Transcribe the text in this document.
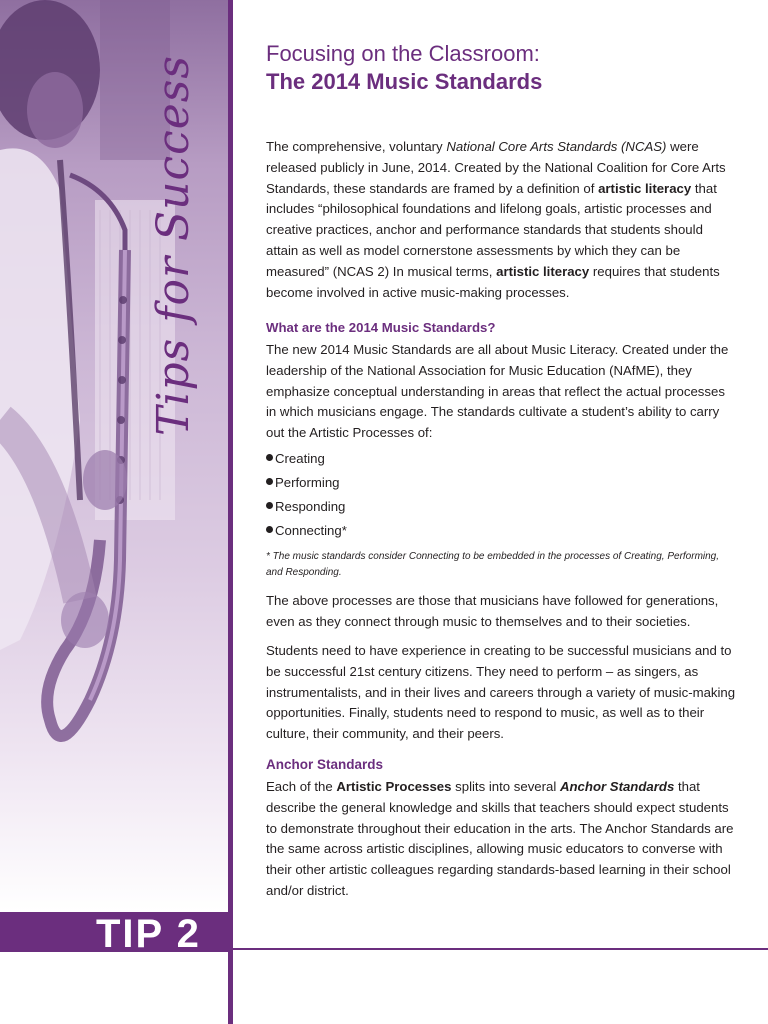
Tips for Success
Focusing on the Classroom:
The 2014 Music Standards

The comprehensive, voluntary National Core Arts Standards (NCAS) were released publicly in June, 2014. Created by the National Coalition for Core Arts Standards, these standards are framed by a definition of artistic literacy that includes “philosophical foundations and lifelong goals, artistic processes and creative practices, anchor and performance standards that students should attain as well as model cornerstone assessments by which they can be measured” (NCAS 2) In musical terms, artistic literacy requires that students become involved in active music-making processes.

What are the 2014 Music Standards?

The new 2014 Music Standards are all about Music Literacy. Created under the leadership of the National Association for Music Education (NAfME), they emphasize conceptual understanding in areas that reflect the actual processes in which musicians engage. The standards cultivate a student’s ability to carry out the Artistic Processes of:

Creating
Performing
Responding
Connecting*

* The music standards consider Connecting to be embedded in the processes of Creating, Performing, and Responding.

The above processes are those that musicians have followed for generations, even as they connect through music to themselves and to their societies.

Students need to have experience in creating to be successful musicians and to be successful 21st century citizens. They need to perform – as singers, as instrumentalists, and in their lives and careers through a variety of music-making opportunities. Finally, students need to respond to music, as well as to their culture, their community, and their peers.

Anchor Standards

Each of the Artistic Processes splits into several Anchor Standards that describe the general knowledge and skills that teachers should expect students to demonstrate throughout their education in the arts. The Anchor Standards are the same across artistic disciplines, allowing music educators to converse with their other artistic colleagues regarding standards-based learning in their school and/or district.

TIP 2
